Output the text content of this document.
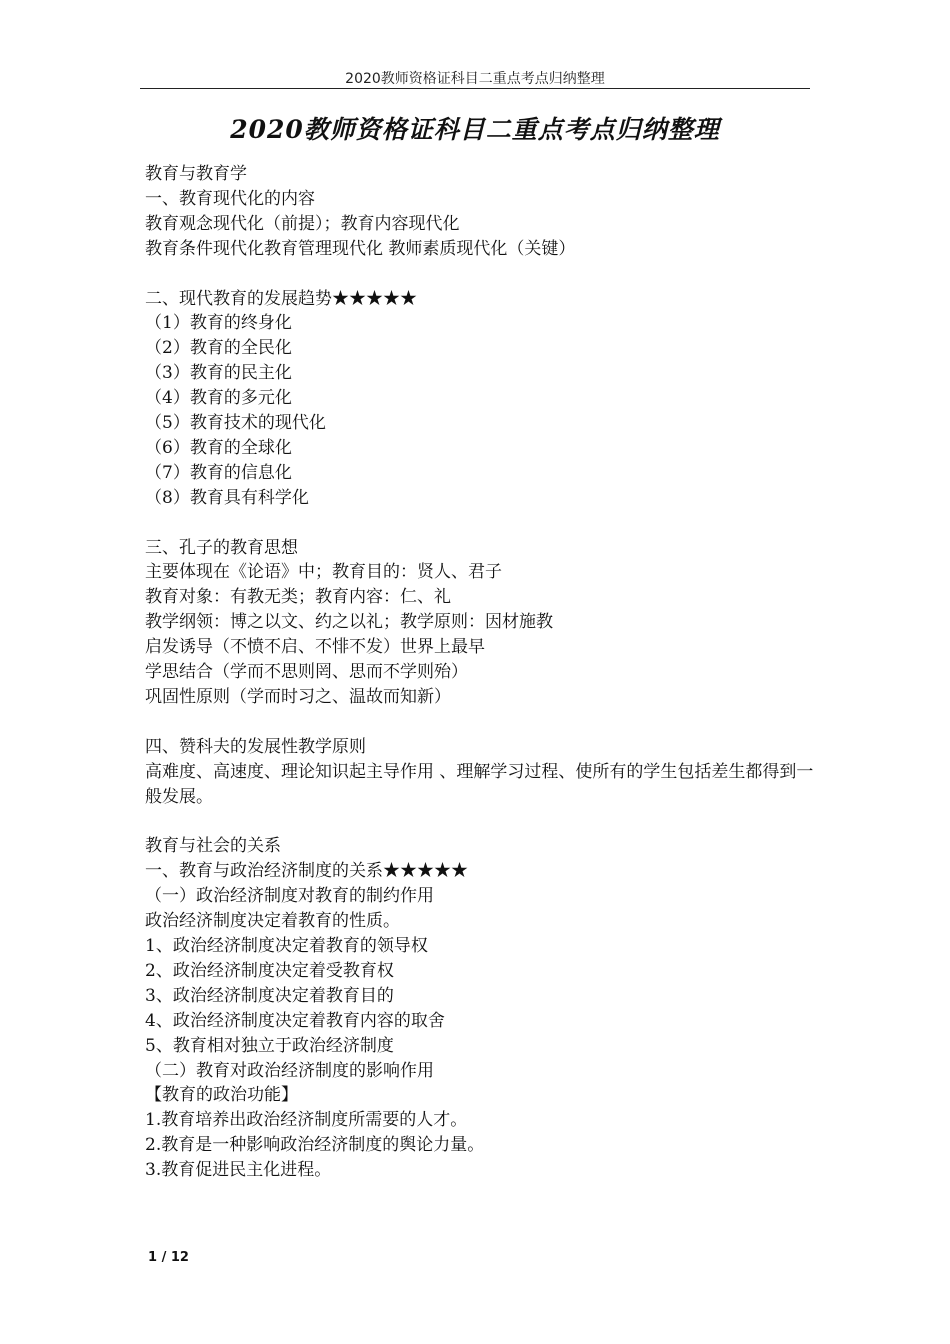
2020教师资格证科目二重点考点归纳整理
2020教师资格证科目二重点考点归纳整理
教育与教育学
一、教育现代化的内容
教育观念现代化（前提）；教育内容现代化
教育条件现代化教育管理现代化 教师素质现代化（关键）
二、现代教育的发展趋势★★★★★
（1）教育的终身化
（2）教育的全民化
（3）教育的民主化
（4）教育的多元化
（5）教育技术的现代化
（6）教育的全球化
（7）教育的信息化
（8）教育具有科学化
三、孔子的教育思想
主要体现在《论语》中；教育目的：贤人、君子
教育对象：有教无类；教育内容：仁、礼
教学纲领：博之以文、约之以礼；教学原则：因材施教
启发诱导（不愤不启、不悱不发）世界上最早
学思结合（学而不思则罔、思而不学则殆）
巩固性原则（学而时习之、温故而知新）
四、赞科夫的发展性教学原则
高难度、高速度、理论知识起主导作用 、理解学习过程、使所有的学生包括差生都得到一般发展。
教育与社会的关系
一、教育与政治经济制度的关系★★★★★
（一）政治经济制度对教育的制约作用
政治经济制度决定着教育的性质。
1、政治经济制度决定着教育的领导权
2、政治经济制度决定着受教育权
3、政治经济制度决定着教育目的
4、政治经济制度决定着教育内容的取舍
5、教育相对独立于政治经济制度
（二）教育对政治经济制度的影响作用
【教育的政治功能】
1.教育培养出政治经济制度所需要的人才。
2.教育是一种影响政治经济制度的舆论力量。
3.教育促进民主化进程。
1 / 12
